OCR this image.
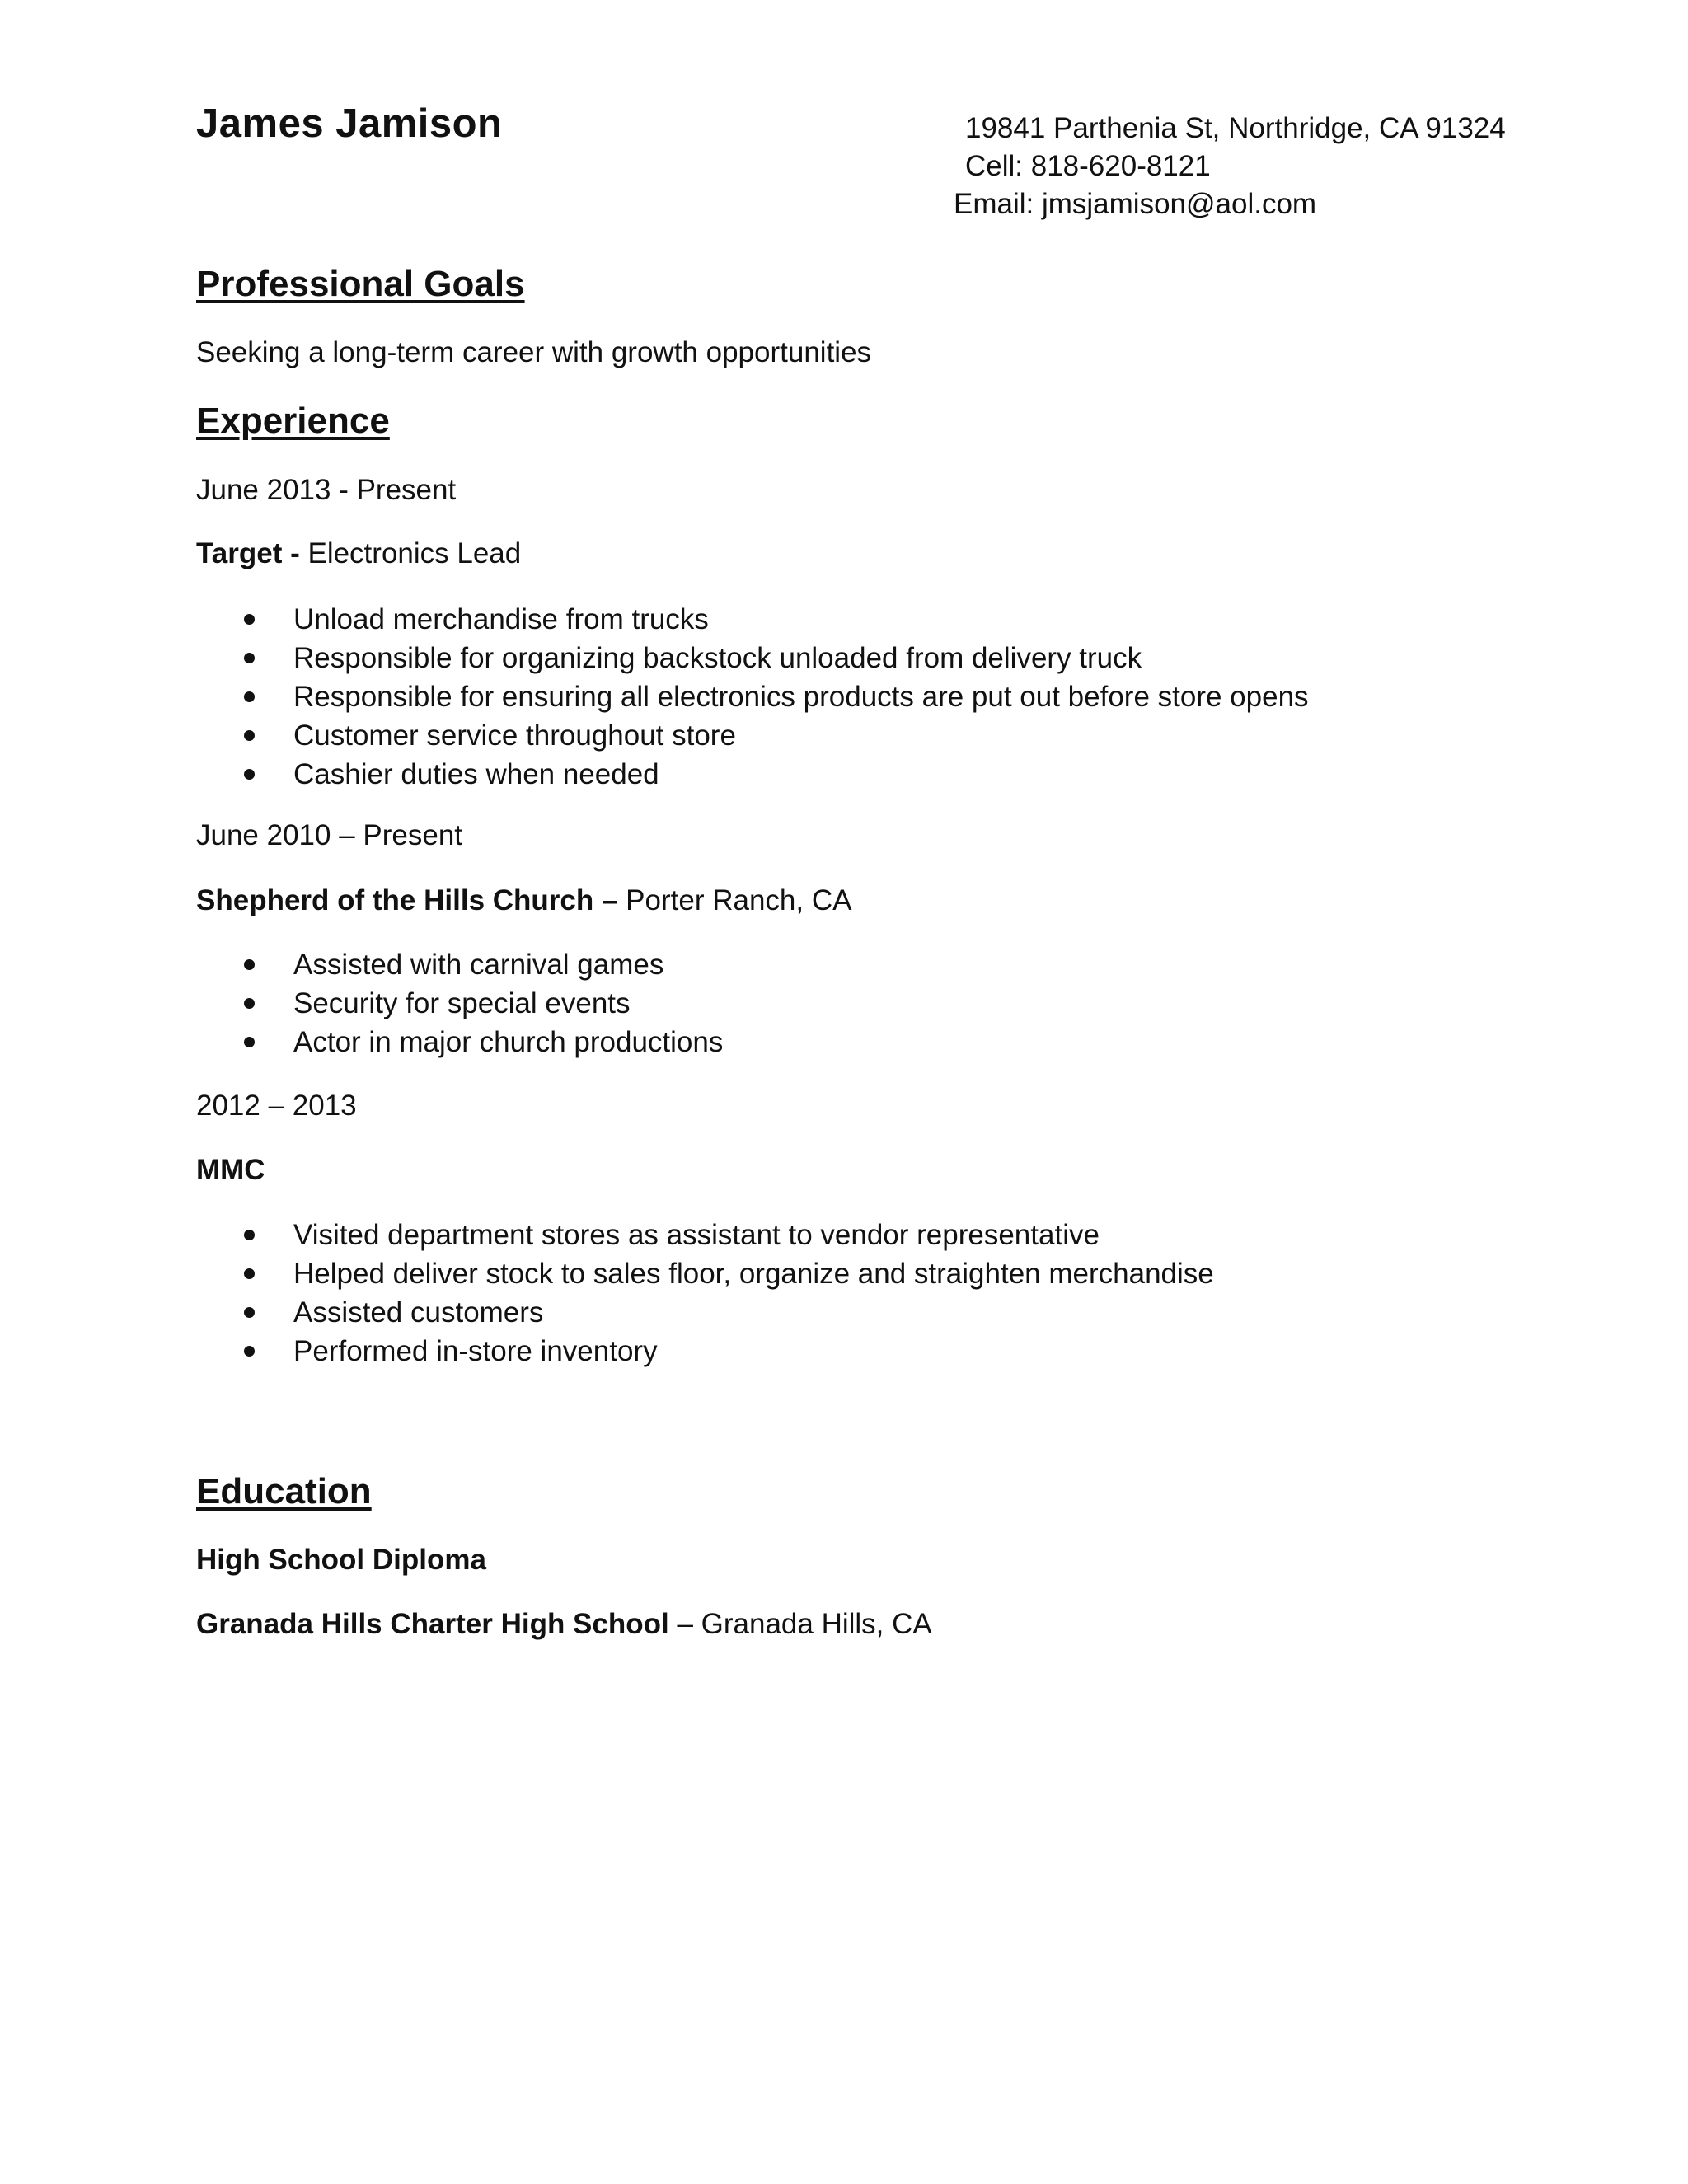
James Jamison	19841 Parthenia St, Northridge, CA 91324
Cell: 818-620-8121
Email: jmsjamison@aol.com
Professional Goals
Seeking a long-term career with growth opportunities
Experience
June 2013 - Present
Target - Electronics Lead
Unload merchandise from trucks
Responsible for organizing backstock unloaded from delivery truck
Responsible for ensuring all electronics products are put out before store opens
Customer service throughout store
Cashier duties when needed
June 2010 – Present
Shepherd of the Hills Church – Porter Ranch, CA
Assisted with carnival games
Security for special events
Actor in major church productions
2012 – 2013
MMC
Visited department stores as assistant to vendor representative
Helped deliver stock to sales floor, organize and straighten merchandise
Assisted customers
Performed in-store inventory
Education
High School Diploma
Granada Hills Charter High School – Granada Hills, CA
